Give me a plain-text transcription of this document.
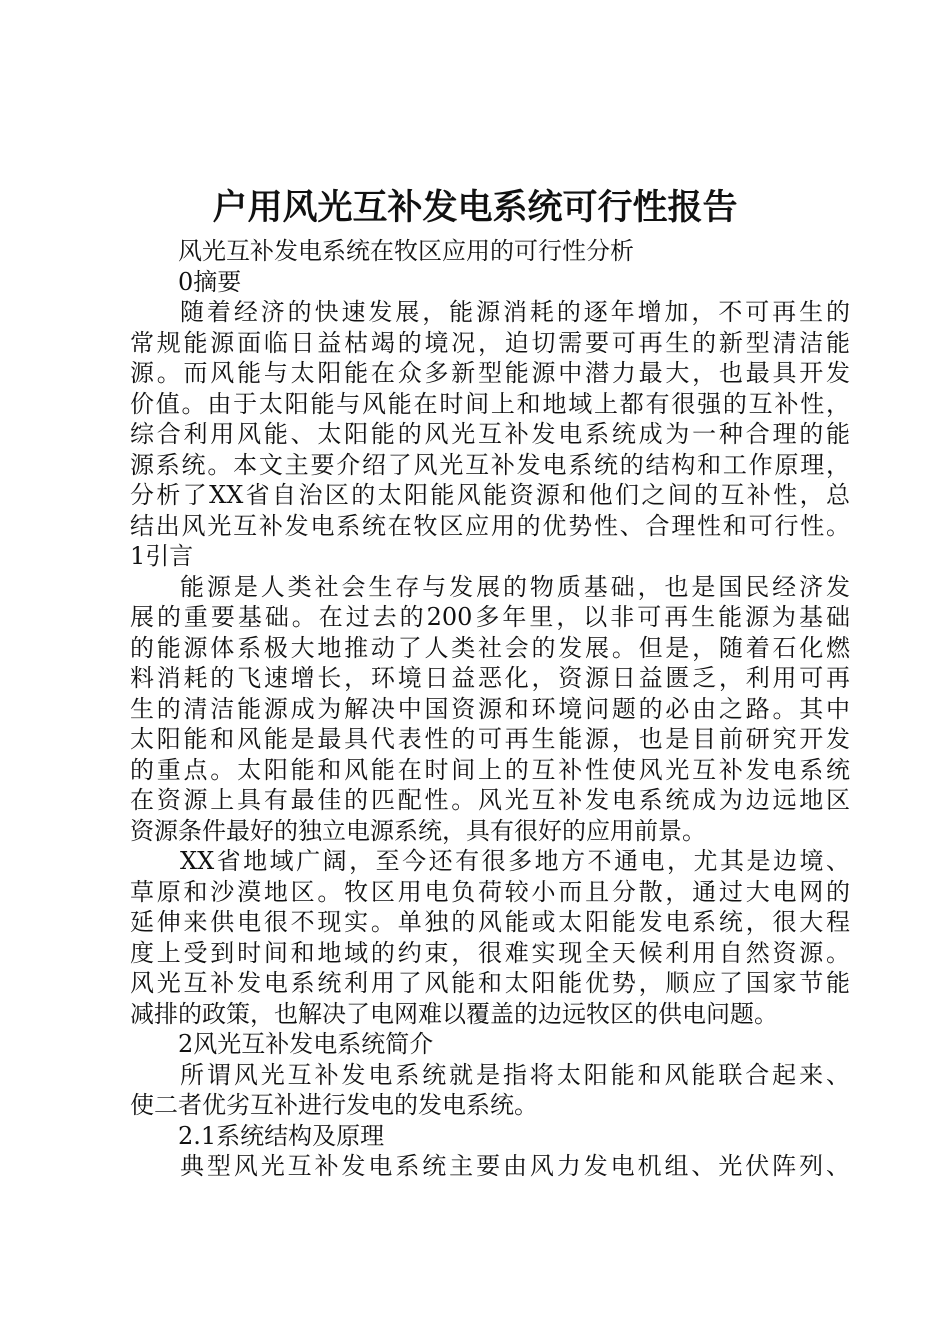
户用风光互补发电系统可行性报告

风光互补发电系统在牧区应用的可行性分析

0摘要

随着经济的快速发展，能源消耗的逐年增加，不可再生的

常规能源面临日益枯竭的境况，迫切需要可再生的新型清洁能

源。而风能与太阳能在众多新型能源中潜力最大，也最具开发

价值。由于太阳能与风能在时间上和地域上都有很强的互补性，

综合利用风能、太阳能的风光互补发电系统成为一种合理的能

源系统。本文主要介绍了风光互补发电系统的结构和工作原理，

分析了XX省自治区的太阳能风能资源和他们之间的互补性，总

结出风光互补发电系统在牧区应用的优势性、合理性和可行性。

1引言

能源是人类社会生存与发展的物质基础，也是国民经济发

展的重要基础。在过去的200多年里，以非可再生能源为基础

的能源体系极大地推动了人类社会的发展。但是，随着石化燃

料消耗的飞速增长，环境日益恶化，资源日益匮乏，利用可再

生的清洁能源成为解决中国资源和环境问题的必由之路。其中

太阳能和风能是最具代表性的可再生能源，也是目前研究开发

的重点。太阳能和风能在时间上的互补性使风光互补发电系统

在资源上具有最佳的匹配性。风光互补发电系统成为边远地区

资源条件最好的独立电源系统，具有很好的应用前景。

XX省地域广阔，至今还有很多地方不通电，尤其是边境、

草原和沙漠地区。牧区用电负荷较小而且分散，通过大电网的

延伸来供电很不现实。单独的风能或太阳能发电系统，很大程

度上受到时间和地域的约束，很难实现全天候利用自然资源。

风光互补发电系统利用了风能和太阳能优势，顺应了国家节能

减排的政策，也解决了电网难以覆盖的边远牧区的供电问题。

2风光互补发电系统简介

所谓风光互补发电系统就是指将太阳能和风能联合起来、

使二者优劣互补进行发电的发电系统。

2.1系统结构及原理

典型风光互补发电系统主要由风力发电机组、光伏阵列、
